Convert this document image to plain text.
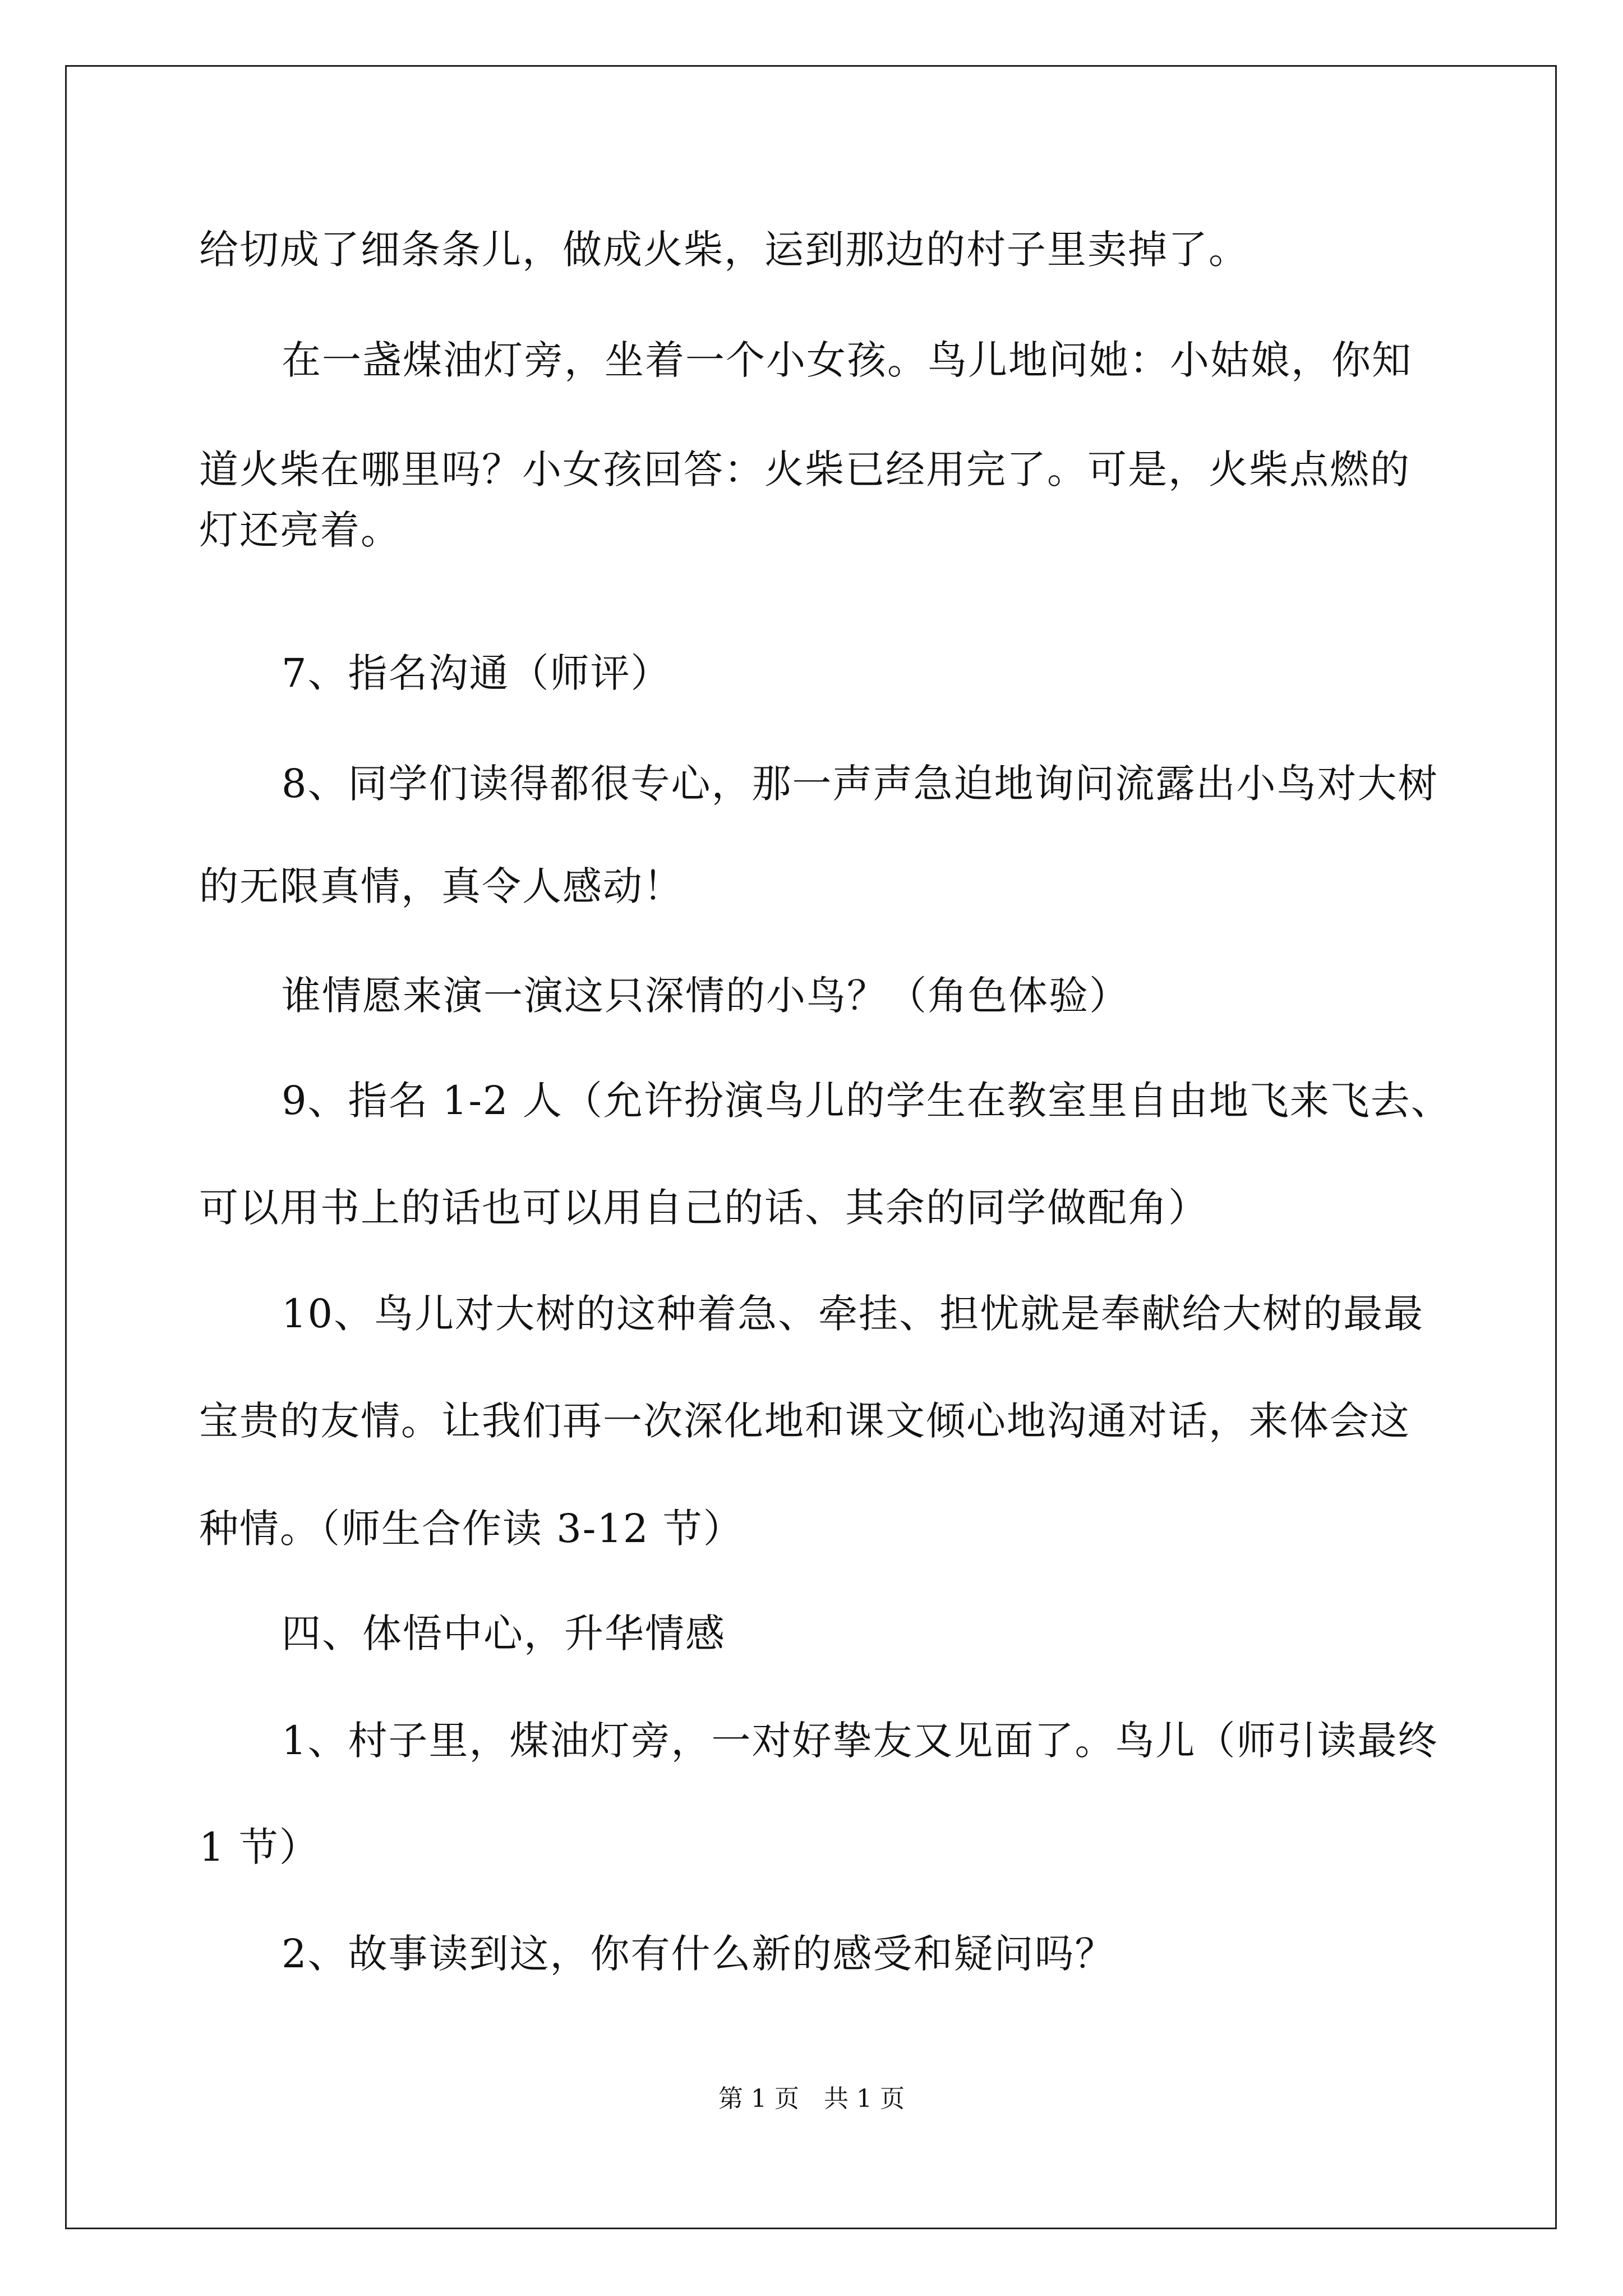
给切成了细条条儿，做成火柴，运到那边的村子里卖掉了。
在一盏煤油灯旁，坐着一个小女孩。鸟儿地问她：小姑娘，你知
道火柴在哪里吗？小女孩回答：火柴已经用完了。可是，火柴点燃的
灯还亮着。
7、指名沟通（师评）
8、同学们读得都很专心，那一声声急迫地询问流露出小鸟对大树
的无限真情，真令人感动！
谁情愿来演一演这只深情的小鸟？（角色体验）
9、指名 1-2 人（允许扮演鸟儿的学生在教室里自由地飞来飞去、
可以用书上的话也可以用自己的话、其余的同学做配角）
10、鸟儿对大树的这种着急、牵挂、担忧就是奉献给大树的最最
宝贵的友情。让我们再一次深化地和课文倾心地沟通对话，来体会这
种情。（师生合作读 3-12 节）
四、体悟中心，升华情感
1、村子里，煤油灯旁，一对好挚友又见面了。鸟儿（师引读最终
1 节）
2、故事读到这，你有什么新的感受和疑问吗？
第 1 页　共 1 页
